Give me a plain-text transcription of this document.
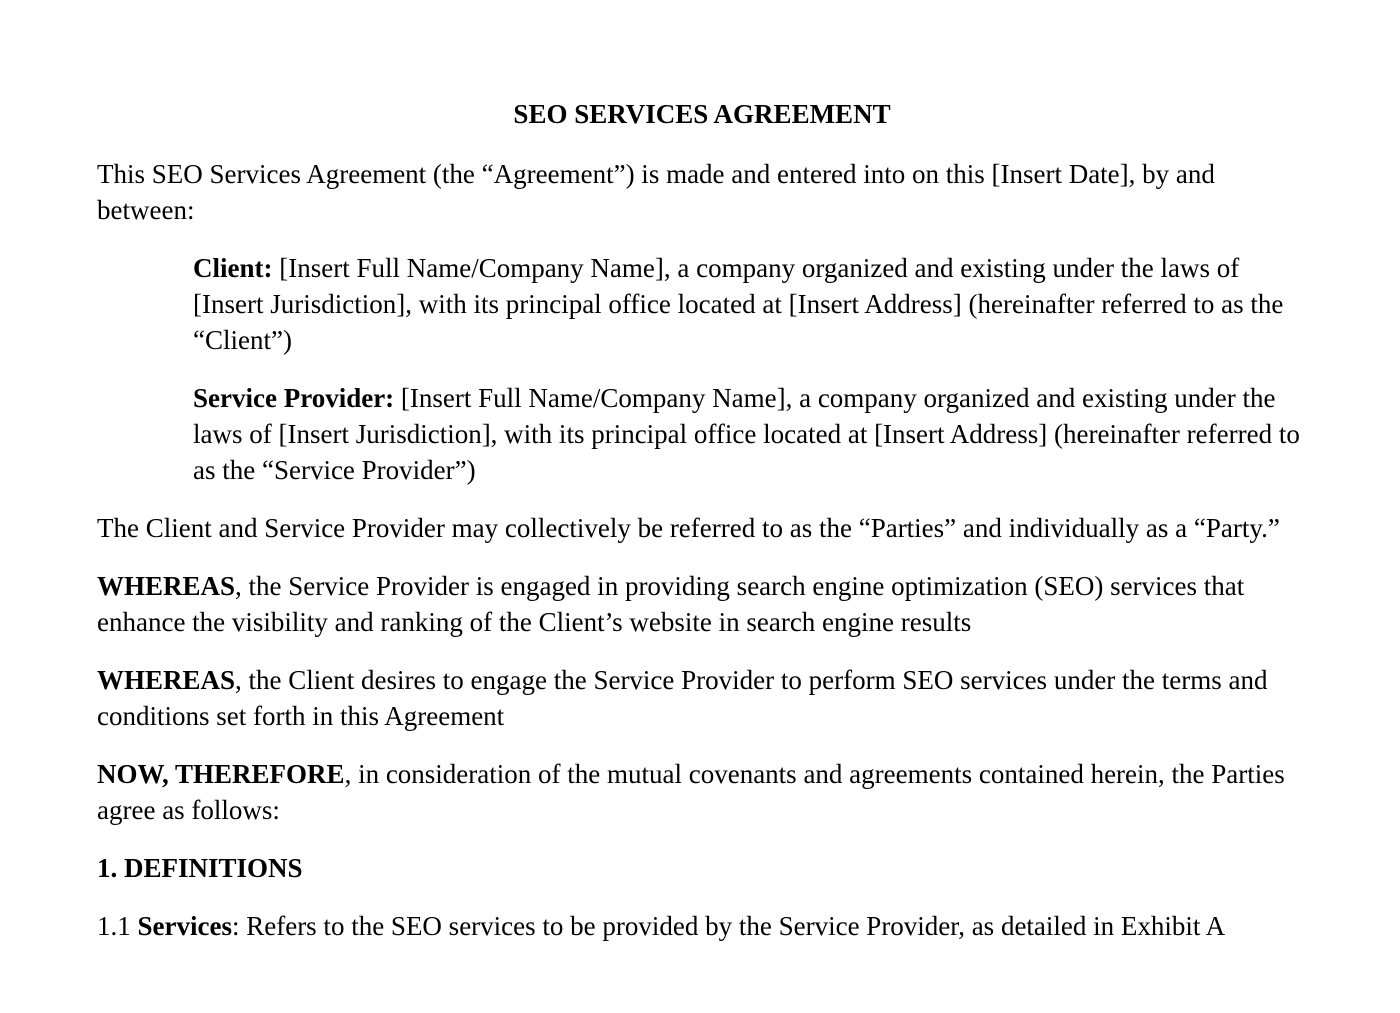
SEO SERVICES AGREEMENT

This SEO Services Agreement (the “Agreement”) is made and entered into on this [Insert Date], by and between:

Client: [Insert Full Name/Company Name], a company organized and existing under the laws of [Insert Jurisdiction], with its principal office located at [Insert Address] (hereinafter referred to as the “Client”)

Service Provider: [Insert Full Name/Company Name], a company organized and existing under the laws of [Insert Jurisdiction], with its principal office located at [Insert Address] (hereinafter referred to as the “Service Provider”)

The Client and Service Provider may collectively be referred to as the “Parties” and individually as a “Party.”

WHEREAS, the Service Provider is engaged in providing search engine optimization (SEO) services that enhance the visibility and ranking of the Client’s website in search engine results

WHEREAS, the Client desires to engage the Service Provider to perform SEO services under the terms and conditions set forth in this Agreement

NOW, THEREFORE, in consideration of the mutual covenants and agreements contained herein, the Parties agree as follows:

1. DEFINITIONS

1.1 Services: Refers to the SEO services to be provided by the Service Provider, as detailed in Exhibit A
